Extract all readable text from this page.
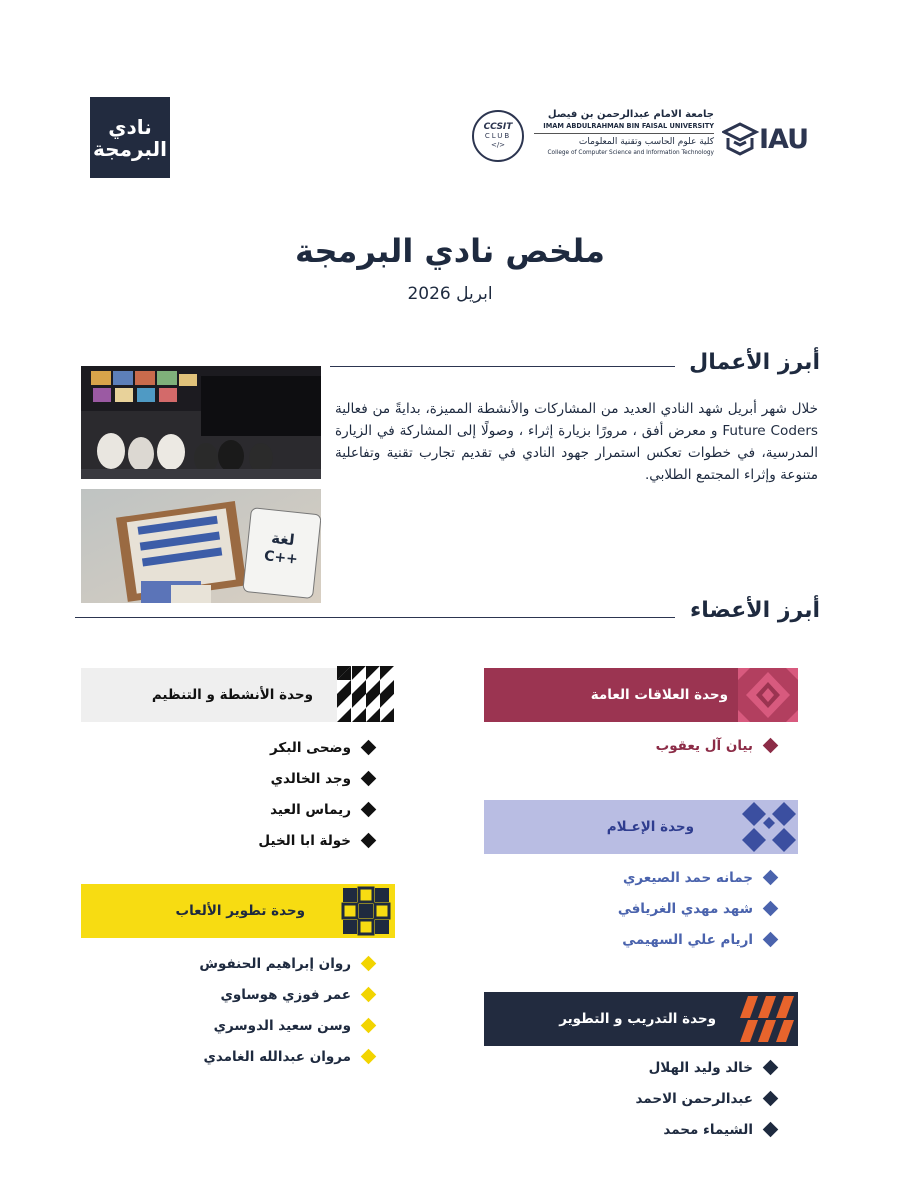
نادي
البرمجة
CCSIT
CLUB
</>
جامعة الامام عبدالرحمن بن فيصل
IMAM ABDULRAHMAN BIN FAISAL UNIVERSITY
كلية علوم الحاسب وتقنية المعلومات
College of Computer Science and Information Technology IAU
ملخص نادي البرمجة
ابريل 2026
أبرز الأعمال
لغة
C++

خلال شهر أبريل شهد النادي العديد من المشاركات والأنشطة المميزة، بدايةً من فعالية Future Coders و معرض أفق ، مرورًا بزيارة إثراء ، وصولًا إلى المشاركة في الزيارة المدرسية، في خطوات تعكس استمرار جهود النادي في تقديم تجارب تقنية وتفاعلية متنوعة وإثراء المجتمع الطلابي.

أبرز الأعضاء
وحدة العلاقات العامة
بيان آل يعقوب
وحدة الإعـلام
جمانه حمد الصيعري
شهد مهدي الغريافي
اريام علي السهيمي
وحدة التدريب و التطوير
خالد وليد الهلال
عبدالرحمن الاحمد
الشيماء محمد
وحدة الأنشطة و التنظيم
وضحى البكر
وجد الخالدي
ريماس العيد
خولة ابا الخيل
وحدة تطوير الألعاب
روان إبراهيم الحنفوش
عمر فوزي هوساوي
وسن سعيد الدوسري
مروان عبدالله الغامدي
